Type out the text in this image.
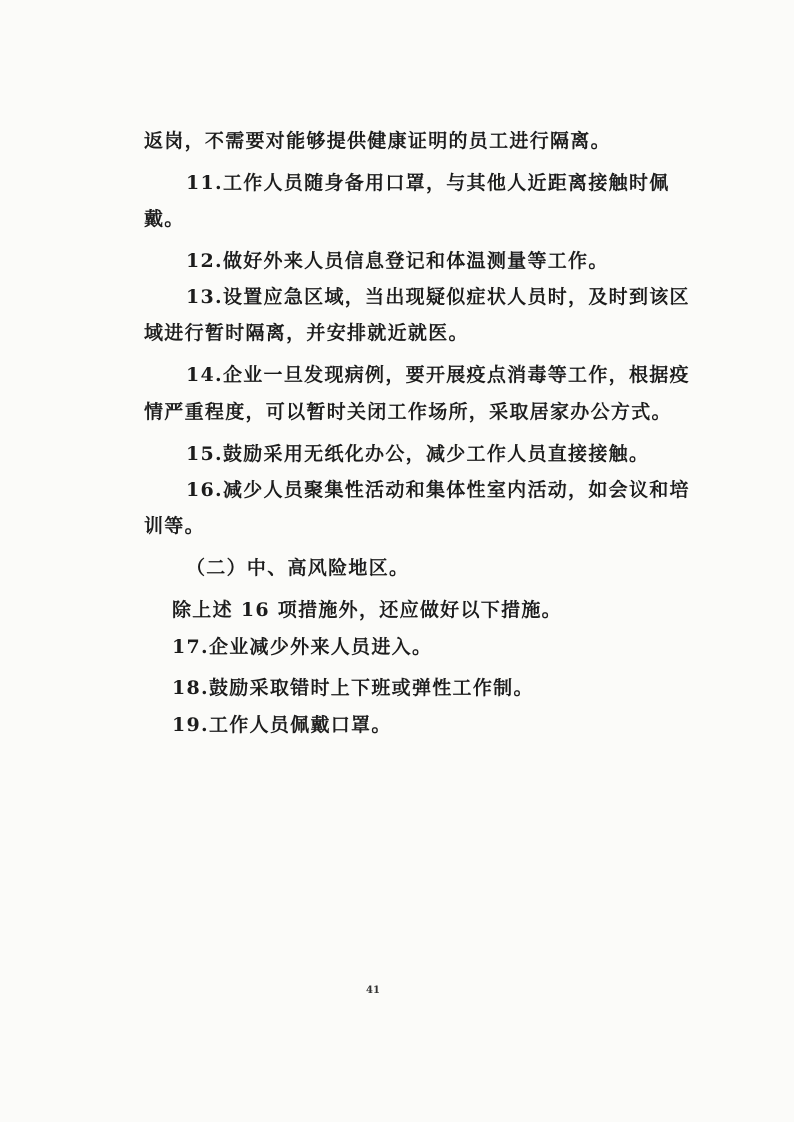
返岗，不需要对能够提供健康证明的员工进行隔离。
11.工作人员随身备用口罩，与其他人近距离接触时佩
戴。
12.做好外来人员信息登记和体温测量等工作。
13.设置应急区域，当出现疑似症状人员时，及时到该区
域进行暂时隔离，并安排就近就医。
14.企业一旦发现病例，要开展疫点消毒等工作，根据疫
情严重程度，可以暂时关闭工作场所，采取居家办公方式。
15.鼓励采用无纸化办公，减少工作人员直接接触。
16.减少人员聚集性活动和集体性室内活动，如会议和培
训等。
（二）中、高风险地区。
除上述 16 项措施外，还应做好以下措施。
17.企业减少外来人员进入。
18.鼓励采取错时上下班或弹性工作制。
19.工作人员佩戴口罩。
41
